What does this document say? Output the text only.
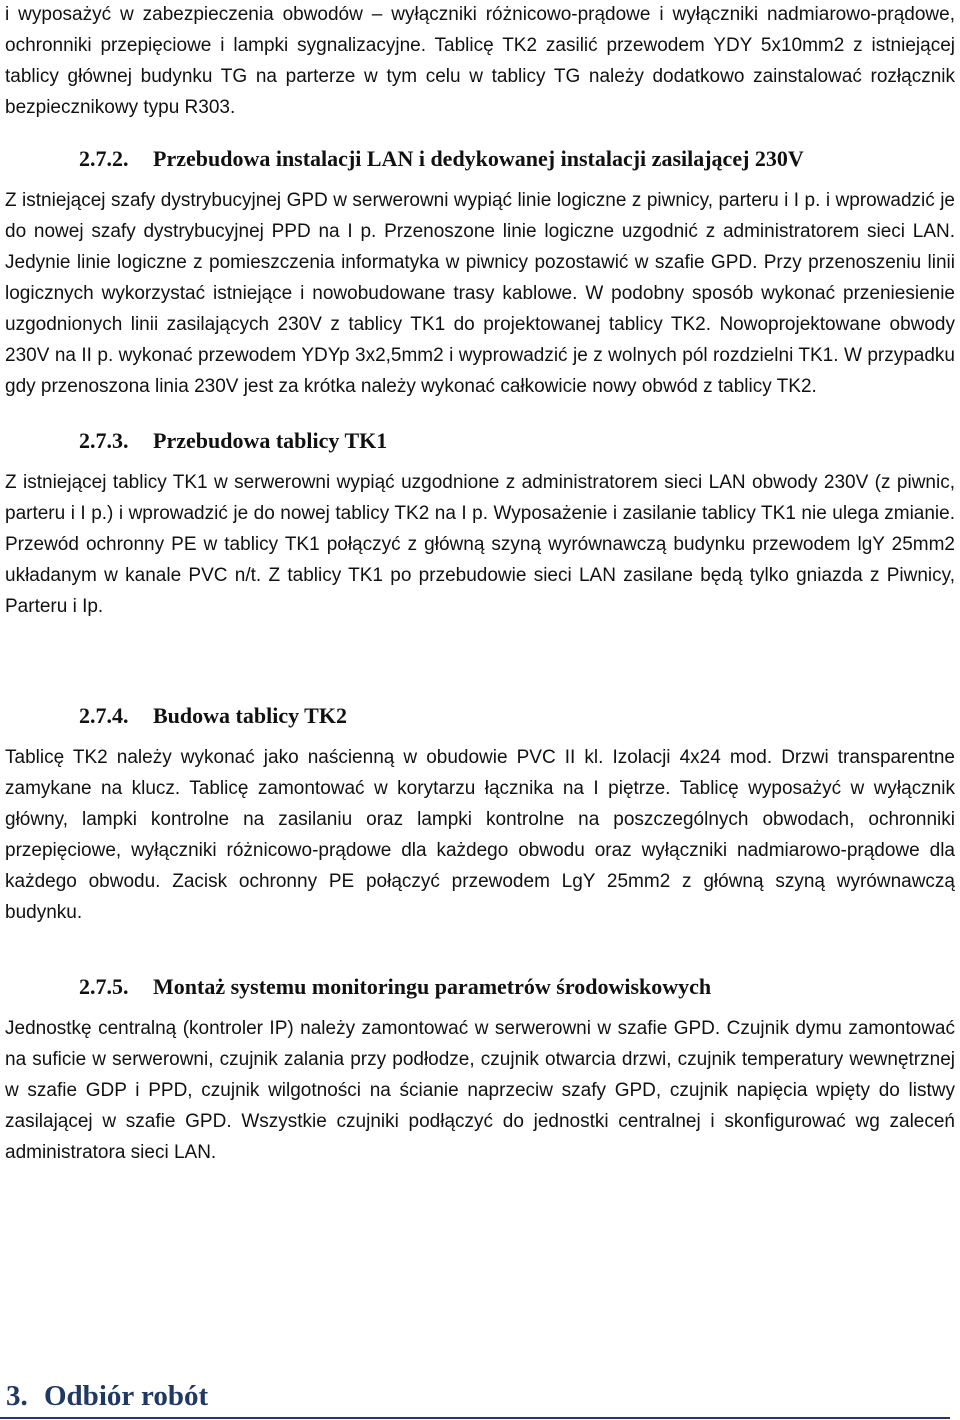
i wyposażyć w zabezpieczenia obwodów – wyłączniki różnicowo-prądowe i wyłączniki nadmiarowo-prądowe, ochronniki przepięciowe i lampki sygnalizacyjne. Tablicę TK2 zasilić przewodem YDY 5x10mm2 z istniejącej tablicy głównej budynku TG na parterze w tym celu w tablicy TG należy dodatkowo zainstalować rozłącznik bezpiecznikowy typu R303.

2.7.2.	Przebudowa instalacji LAN i dedykowanej instalacji zasilającej 230V

Z istniejącej szafy dystrybucyjnej GPD w serwerowni wypiąć linie logiczne z piwnicy, parteru i I p. i wprowadzić je do nowej szafy dystrybucyjnej PPD na I p. Przenoszone linie logiczne uzgodnić z administratorem sieci LAN. Jedynie linie logiczne z pomieszczenia informatyka w piwnicy pozostawić w szafie GPD. Przy przenoszeniu linii logicznych wykorzystać istniejące i nowobudowane trasy kablowe. W podobny sposób wykonać przeniesienie uzgodnionych linii zasilających 230V z tablicy TK1 do projektowanej tablicy TK2. Nowoprojektowane obwody 230V na II p. wykonać przewodem YDYp 3x2,5mm2 i wyprowadzić je z wolnych pól rozdzielni TK1. W przypadku gdy przenoszona linia 230V jest za krótka należy wykonać całkowicie nowy obwód z tablicy TK2.

2.7.3.	Przebudowa tablicy TK1

Z istniejącej tablicy TK1 w serwerowni wypiąć uzgodnione z administratorem sieci LAN obwody 230V (z piwnic, parteru i I p.) i wprowadzić je do nowej tablicy TK2 na I p. Wyposażenie i zasilanie tablicy TK1 nie ulega zmianie. Przewód ochronny PE w tablicy TK1 połączyć z główną szyną wyrównawczą budynku przewodem lgY 25mm2 układanym w kanale PVC n/t. Z tablicy TK1 po przebudowie sieci LAN zasilane będą tylko gniazda z Piwnicy, Parteru i Ip.

2.7.4.	Budowa tablicy TK2

Tablicę TK2 należy wykonać jako naścienną w obudowie PVC II kl. Izolacji 4x24 mod. Drzwi transparentne zamykane na klucz. Tablicę zamontować w korytarzu łącznika na I piętrze. Tablicę wyposażyć w wyłącznik główny, lampki kontrolne na zasilaniu oraz lampki kontrolne na poszczególnych obwodach, ochronniki przepięciowe, wyłączniki różnicowo-prądowe dla każdego obwodu oraz wyłączniki nadmiarowo-prądowe dla każdego obwodu. Zacisk ochronny PE połączyć przewodem LgY 25mm2 z główną szyną wyrównawczą budynku.

2.7.5.	Montaż systemu monitoringu parametrów środowiskowych

Jednostkę centralną (kontroler IP) należy zamontować w serwerowni w szafie GPD. Czujnik dymu zamontować na suficie w serwerowni, czujnik zalania przy podłodze, czujnik otwarcia drzwi, czujnik temperatury wewnętrznej w szafie GDP i PPD, czujnik wilgotności na ścianie naprzeciw szafy GPD, czujnik napięcia wpięty do listwy zasilającej w szafie GPD. Wszystkie czujniki podłączyć do jednostki centralnej i skonfigurować wg zaleceń administratora sieci LAN.

3. Odbiór robót
